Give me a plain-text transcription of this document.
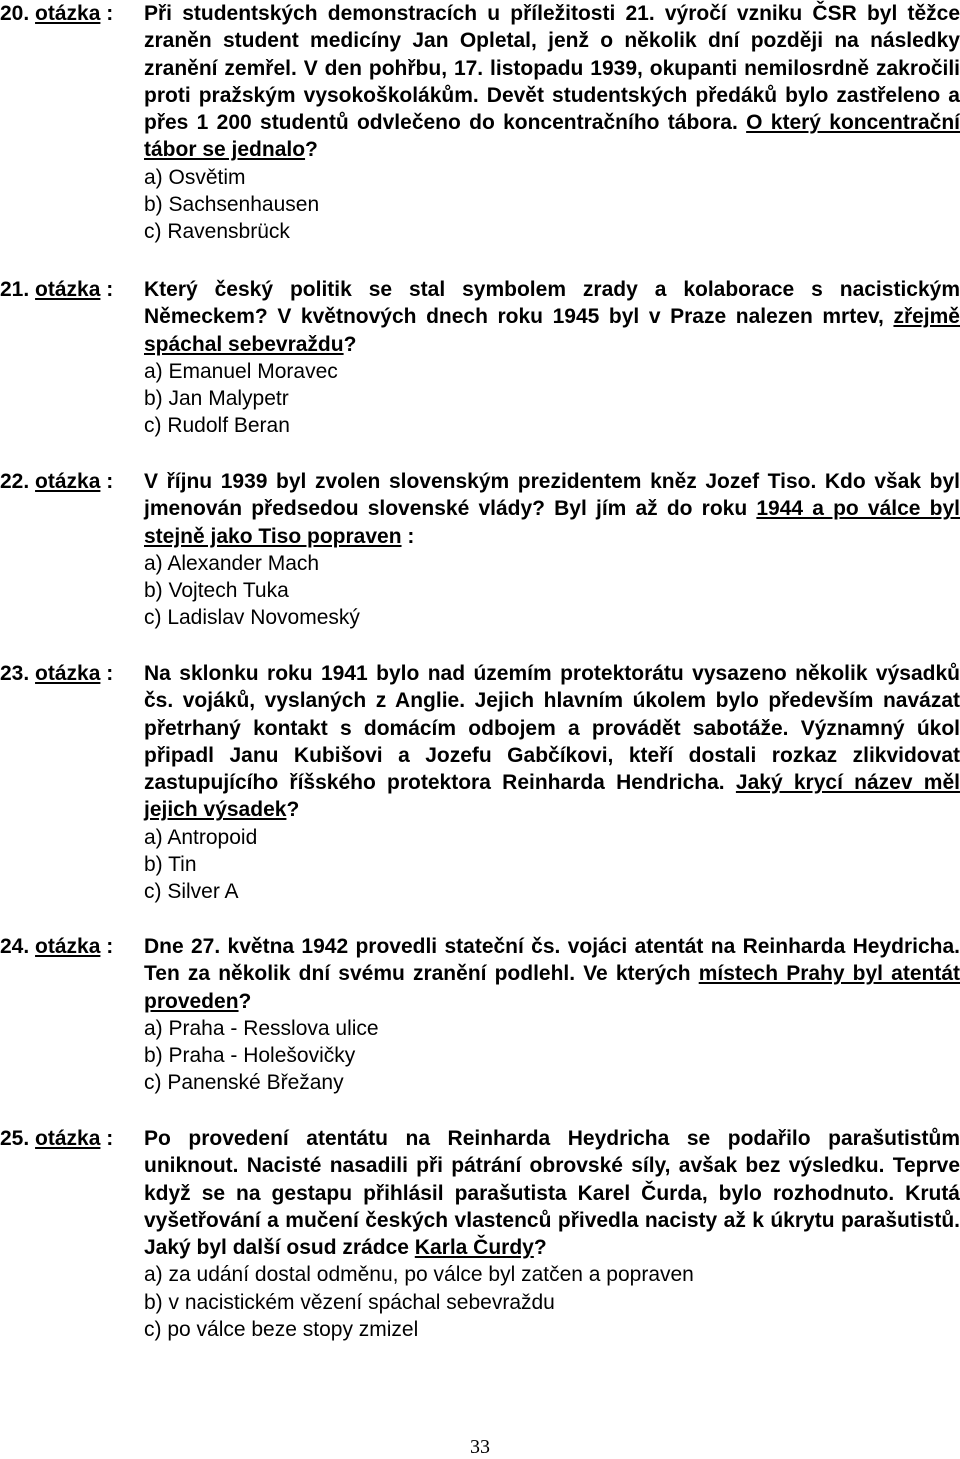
20. otázka :	Při studentských demonstracích u příležitosti 21. výročí vzniku ČSR byl těžce zraněn student medicíny Jan Opletal, jenž o několik dní později na následky zranění zemřel. V den pohřbu, 17. listopadu 1939, okupanti nemilosrdně zakročili proti pražským vysokoškolákům. Devět studentských předáků bylo zastřeleno a přes 1 200 studentů odvlečeno do koncentračního tábora. O který koncentrační tábor se jednalo?
a) Osvětim
b) Sachsenhausen
c) Ravensbrück
21. otázka :	Který český politik se stal symbolem zrady a kolaborace s nacistickým Německem? V květnových dnech roku 1945 byl v Praze nalezen mrtev, zřejmě spáchal sebevraždu?
a) Emanuel Moravec
b) Jan Malypetr
c) Rudolf Beran
22. otázka :	V říjnu 1939 byl zvolen slovenským prezidentem kněz Jozef Tiso. Kdo však byl jmenován předsedou slovenské vlády? Byl jím až do roku 1944 a po válce byl stejně jako Tiso popraven :
a) Alexander Mach
b) Vojtech Tuka
c) Ladislav Novomeský
23. otázka :	Na sklonku roku 1941 bylo nad územím protektorátu vysazeno několik výsadků čs. vojáků, vyslaných z Anglie. Jejich hlavním úkolem bylo především navázat přetrhaný kontakt s domácím odbojem a provádět sabotáže. Významný úkol připadl Janu Kubišovi a Jozefu Gabčíkovi, kteří dostali rozkaz zlikvidovat zastupujícího říšského protektora Reinharda Hendricha. Jaký krycí název měl jejich výsadek?
a) Antropoid
b) Tin
c) Silver A
24. otázka :	Dne 27. května 1942 provedli stateční čs. vojáci atentát na Reinharda Heydricha. Ten za několik dní svému zranění podlehl. Ve kterých místech Prahy byl atentát proveden?
a) Praha - Resslova ulice
b) Praha - Holešovičky
c) Panenské Břežany
25. otázka :	Po provedení atentátu na Reinharda Heydricha se podařilo parašutistům uniknout. Nacisté nasadili při pátrání obrovské síly, avšak bez výsledku. Teprve když se na gestapu přihlásil parašutista Karel Čurda, bylo rozhodnuto. Krutá vyšetřování a mučení českých vlastenců přivedla nacisty až k úkrytu parašutistů. Jaký byl další osud zrádce Karla Čurdy?
a) za udání dostal odměnu, po válce byl zatčen a popraven
b) v nacistickém vězení spáchal sebevraždu
c) po válce beze stopy zmizel
33
